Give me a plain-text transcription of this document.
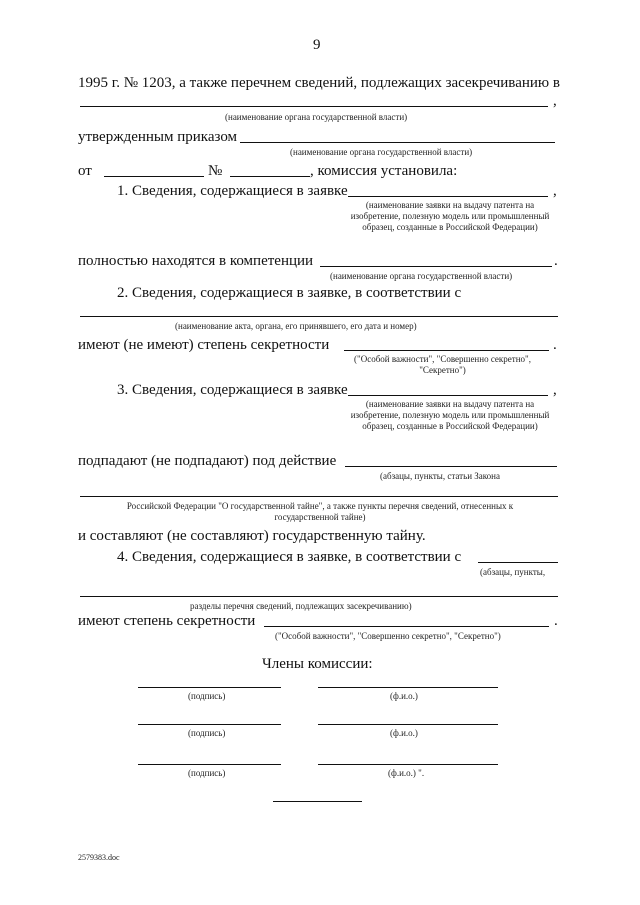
9
1995 г. № 1203, а также перечнем сведений, подлежащих засекречиванию в
,
(наименование органа государственной власти)
утвержденным приказом
(наименование органа государственной власти)
от	№	, комиссия установила:
1. Сведения, содержащиеся в заявке	,
(наименование заявки на выдачу патента на изобретение, полезную модель или промышленный образец, созданные в Российской Федерации)
полностью находятся в компетенции	.
(наименование органа государственной власти)
2. Сведения, содержащиеся в заявке, в соответствии с
(наименование акта, органа, его принявшего, его дата и номер)
имеют (не имеют) степень секретности	.
("Особой важности", "Совершенно секретно", "Секретно")
3. Сведения, содержащиеся в заявке	,
(наименование заявки на выдачу патента на изобретение, полезную модель или промышленный образец, созданные в Российской Федерации)
подпадают (не подпадают) под действие
(абзацы, пункты, статьи Закона
Российской Федерации "О государственной тайне", а также пункты перечня сведений, отнесенных к государственной тайне)
и составляют (не составляют) государственную тайну.
4. Сведения, содержащиеся в заявке, в соответствии с
(абзацы, пункты,
разделы перечня сведений, подлежащих засекречиванию)
имеют степень секретности	.
("Особой важности", "Совершенно секретно", "Секретно")
Члены комиссии:
(подпись)	(ф.и.о.)
(подпись)	(ф.и.о.)
(подпись)	(ф.и.о.) ".
2579383.doc
